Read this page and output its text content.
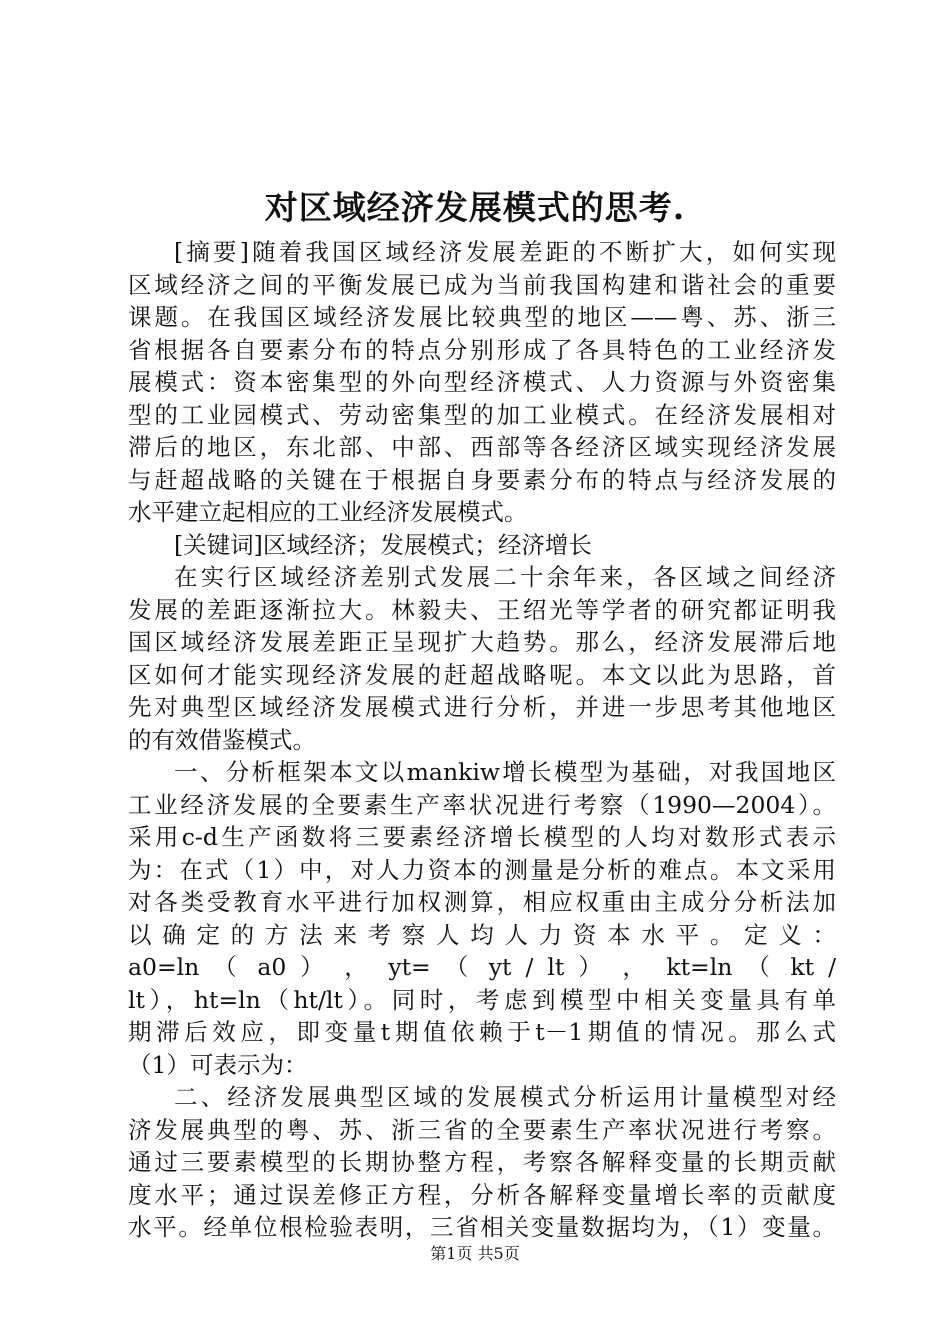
对区域经济发展模式的思考.
[摘要]随着我国区域经济发展差距的不断扩大，如何实现
区域经济之间的平衡发展已成为当前我国构建和谐社会的重要
课题。在我国区域经济发展比较典型的地区——粤、苏、浙三
省根据各自要素分布的特点分别形成了各具特色的工业经济发
展模式：资本密集型的外向型经济模式、人力资源与外资密集
型的工业园模式、劳动密集型的加工业模式。在经济发展相对
滞后的地区，东北部、中部、西部等各经济区域实现经济发展
与赶超战略的关键在于根据自身要素分布的特点与经济发展的
水平建立起相应的工业经济发展模式。
[关键词]区域经济；发展模式；经济增长
在实行区域经济差别式发展二十余年来，各区域之间经济
发展的差距逐渐拉大。林毅夫、王绍光等学者的研究都证明我
国区域经济发展差距正呈现扩大趋势。那么，经济发展滞后地
区如何才能实现经济发展的赶超战略呢。本文以此为思路，首
先对典型区域经济发展模式进行分析，并进一步思考其他地区
的有效借鉴模式。
一、分析框架本文以mankiw增长模型为基础，对我国地区
工业经济发展的全要素生产率状况进行考察（1990—2004）。
采用c-d生产函数将三要素经济增长模型的人均对数形式表示
为：在式（1）中，对人力资本的测量是分析的难点。本文采用
对各类受教育水平进行加权测算，相应权重由主成分分析法加
以 确 定 的 方 法 来 考 察 人 均 人 力 资 本 水 平 。 定 义 ：
a0=ln （ a0 ） ， yt= （ yt / lt ） ， kt=ln （ kt /
lt），ht=ln（ht/lt）。同时，考虑到模型中相关变量具有单
期滞后效应，即变量t期值依赖于t－1期值的情况。那么式
（1）可表示为：
二、经济发展典型区域的发展模式分析运用计量模型对经
济发展典型的粤、苏、浙三省的全要素生产率状况进行考察。
通过三要素模型的长期协整方程，考察各解释变量的长期贡献
度水平；通过误差修正方程，分析各解释变量增长率的贡献度
水平。经单位根检验表明，三省相关变量数据均为，（1）变量。
第1页 共5页
